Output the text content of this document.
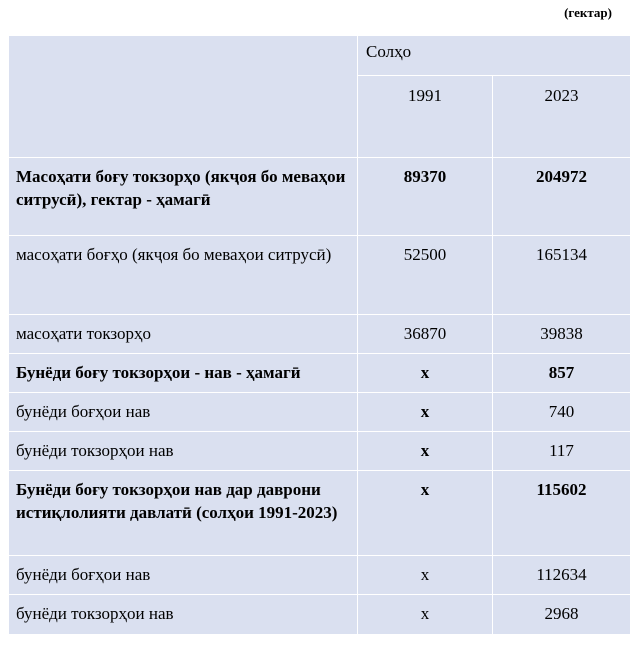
(гектар)
	Солҳо	
	1991	2023
Масоҳати боғу токзорҳо (якҷоя бо меваҳои ситрусӣ), гектар - ҳамагӣ	89370	204972
масоҳати боғҳо (якҷоя бо меваҳои ситрусӣ)	52500	165134
масоҳати токзорҳо	36870	39838
Бунёди боғу токзорҳои - нав - ҳамагӣ	x	857
бунёди боғҳои нав	x	740
бунёди токзорҳои нав	x	117
Бунёди боғу токзорҳои нав дар даврони истиқлолияти давлатӣ (солҳои 1991-2023)	x	115602
бунёди боғҳои нав	x	112634
бунёди токзорҳои нав	x	2968
